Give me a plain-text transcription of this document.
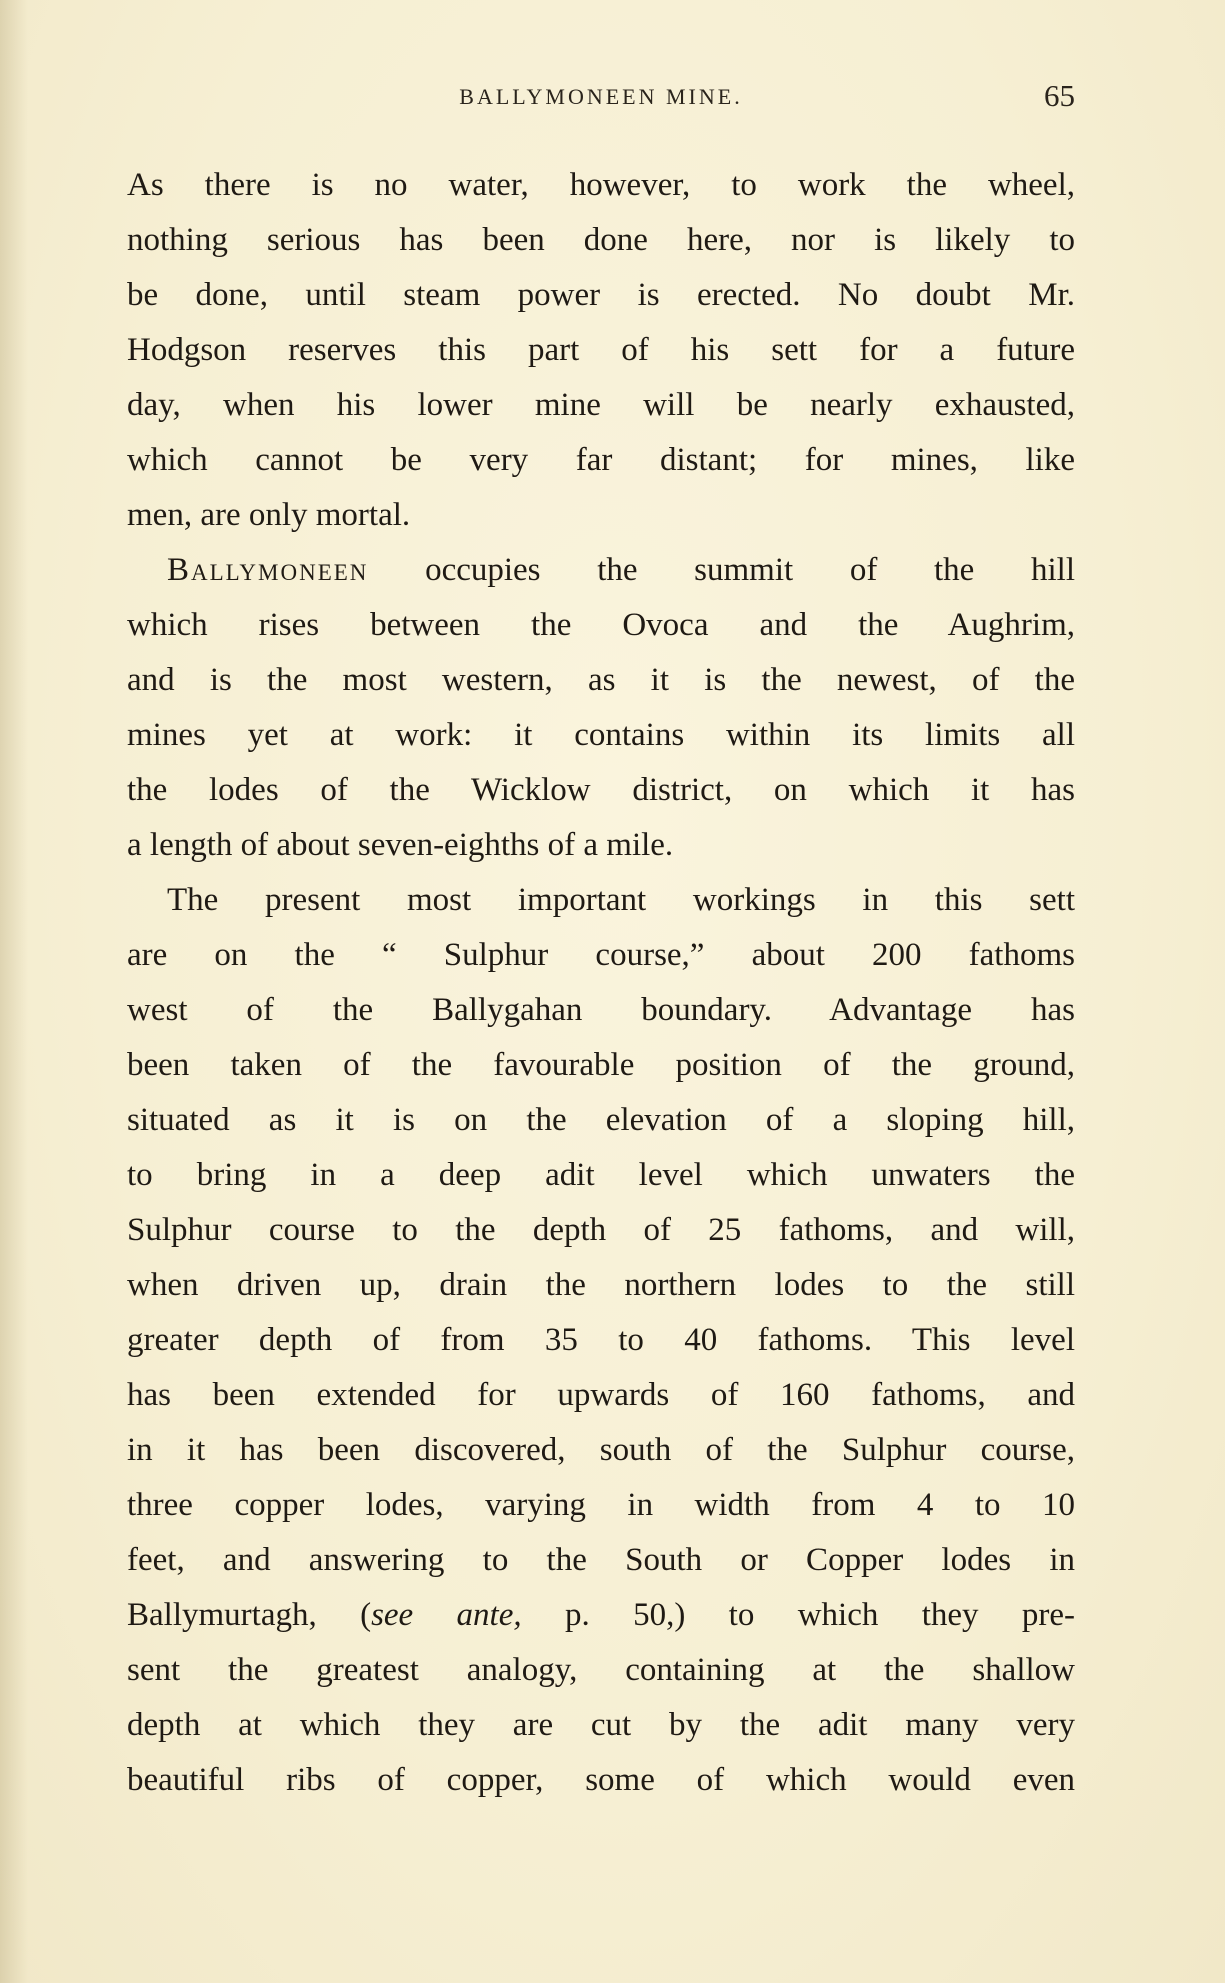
BALLYMONEEN MINE.	65
As there is no water, however, to work the wheel,
nothing serious has been done here, nor is likely to
be done, until steam power is erected. No doubt Mr.
Hodgson reserves this part of his sett for a future
day, when his lower mine will be nearly exhausted,
which cannot be very far distant; for mines, like
men, are only mortal.
Ballymoneen occupies the summit of the hill
which rises between the Ovoca and the Aughrim,
and is the most western, as it is the newest, of the
mines yet at work: it contains within its limits all
the lodes of the Wicklow district, on which it has
a length of about seven-eighths of a mile.
The present most important workings in this sett
are on the “ Sulphur course,” about 200 fathoms
west of the Ballygahan boundary. Advantage has
been taken of the favourable position of the ground,
situated as it is on the elevation of a sloping hill,
to bring in a deep adit level which unwaters the
Sulphur course to the depth of 25 fathoms, and will,
when driven up, drain the northern lodes to the still
greater depth of from 35 to 40 fathoms. This level
has been extended for upwards of 160 fathoms, and
in it has been discovered, south of the Sulphur course,
three copper lodes, varying in width from 4 to 10
feet, and answering to the South or Copper lodes in
Ballymurtagh, (see ante, p. 50,) to which they pre-
sent the greatest analogy, containing at the shallow
depth at which they are cut by the adit many very
beautiful ribs of copper, some of which would even
